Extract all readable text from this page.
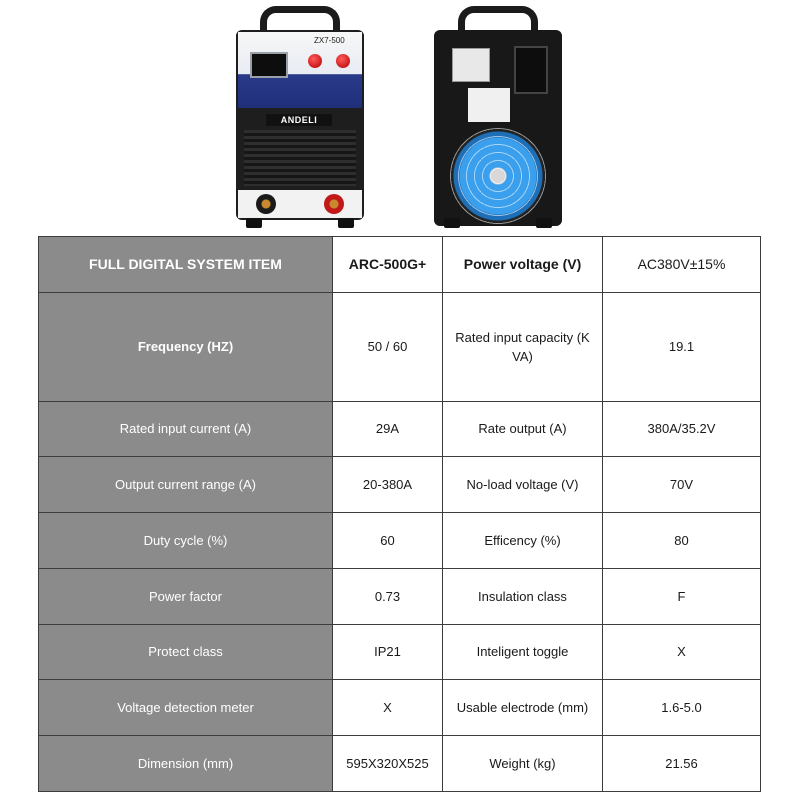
ZX7-500
ANDELI
FULL DIGITAL SYSTEM ITEM	ARC-500G+	Power voltage (V)	AC380V±15%
Frequency (HZ)	50 / 60	Rated input capacity (K VA)	19.1
Rated input current (A)	29A	Rate output (A)	380A/35.2V
Output current range (A)	20-380A	No-load voltage (V)	70V
Duty cycle (%)	60	Efficency (%)	80
Power factor	0.73	Insulation class	F
Protect class	IP21	Inteligent toggle	X
Voltage detection meter	X	Usable electrode (mm)	1.6-5.0
Dimension (mm)	595X320X525	Weight (kg)	21.56
